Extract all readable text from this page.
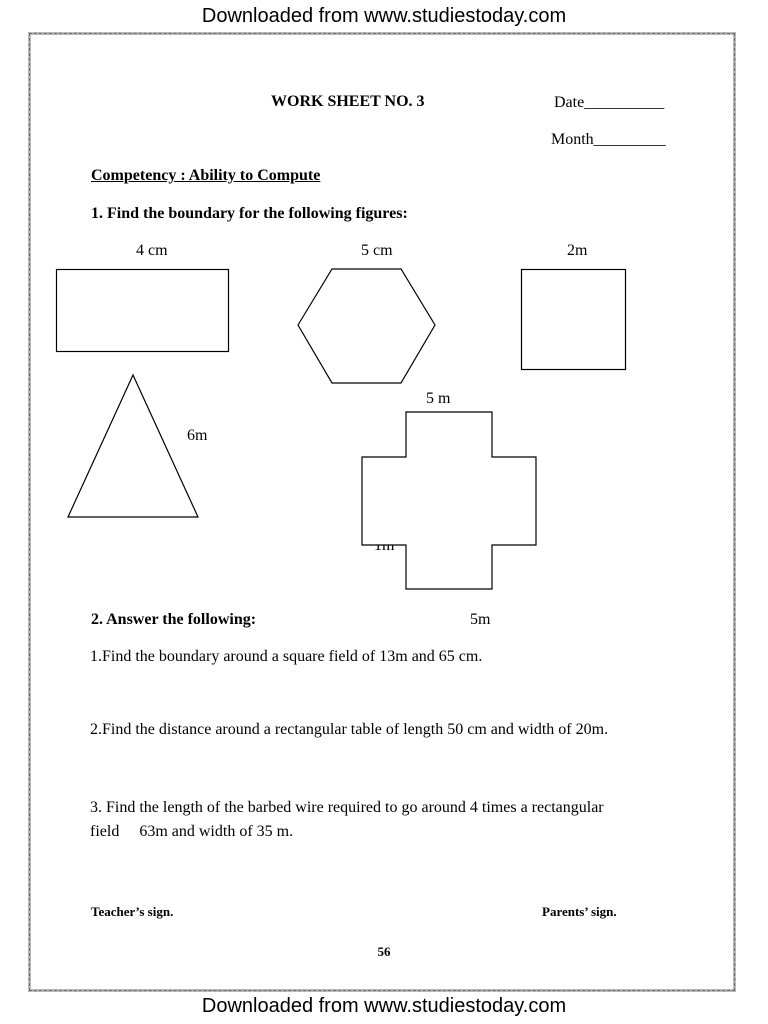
Downloaded from www.studiestoday.com
WORK SHEET NO. 3	Date__________
Month_________
Competency : Ability to Compute
1. Find the boundary for the following figures:
4 cm	5 cm	2m
6m
5 m
5m
2. Answer the following:
1.Find the boundary around a square field of 13m and 65 cm.
2.Find the distance around a rectangular table of length 50 cm and width of 20m.
3. Find the length of the barbed wire required to go around 4 times a rectangular
field     63m and width of 35 m.
Teacher’s sign.	Parents’ sign.
56
Downloaded from www.studiestoday.com
